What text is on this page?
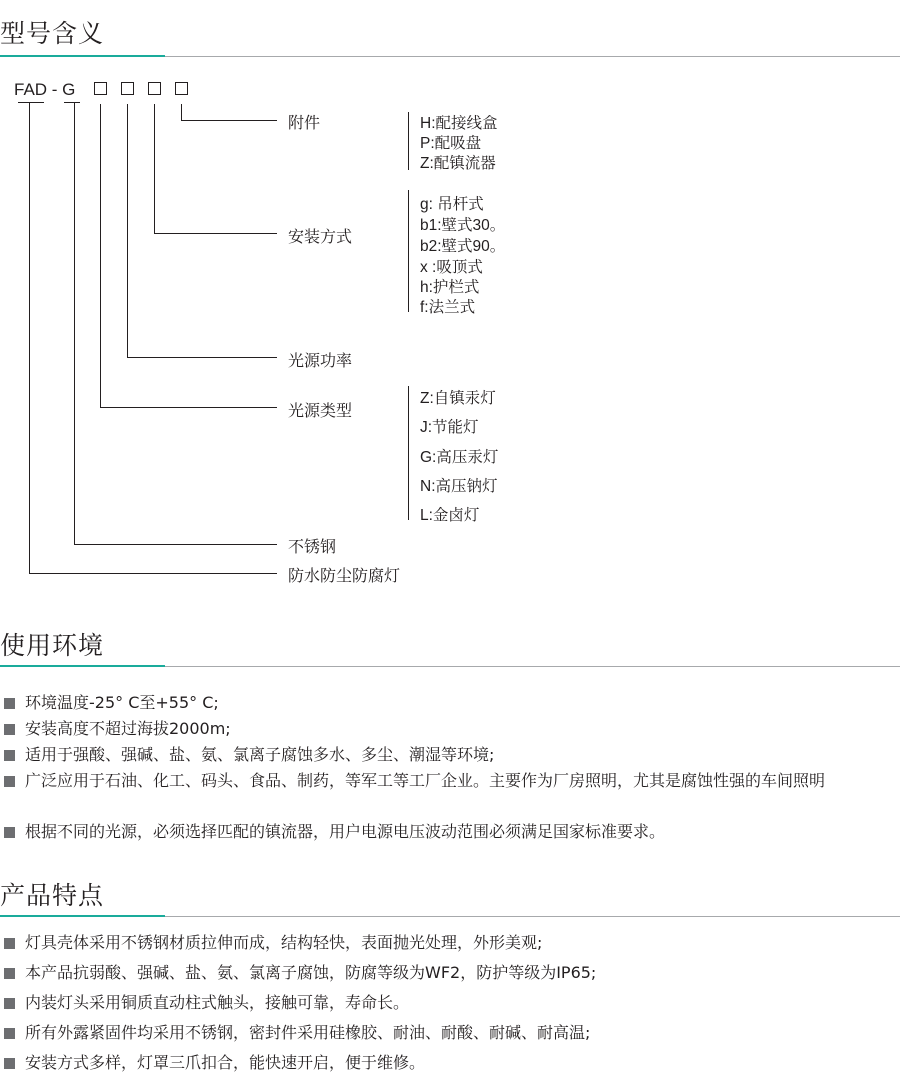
型号含义
FAD - G
附件
安装方式
光源功率
光源类型
不锈钢
防水防尘防腐灯
H:配接线盒
P:配吸盘
Z:配镇流器
g: 吊杆式
b1:壁式30。
b2:壁式90。
x :吸顶式
h:护栏式
f:法兰式
Z:自镇汞灯
J:节能灯
G:高压汞灯
N:高压钠灯
L:金卤灯
使用环境
环境温度-25° C至+55° C;
安装高度不超过海拔2000m;
适用于强酸、强碱、盐、氨、氯离子腐蚀多水、多尘、潮湿等环境;
广泛应用于石油、化工、码头、食品、制药，等军工等工厂企业。主要作为厂房照明，尤其是腐蚀性强的车间照明
根据不同的光源，必须选择匹配的镇流器，用户电源电压波动范围必须满足国家标准要求。
产品特点
灯具壳体采用不锈钢材质拉伸而成，结构轻快，表面抛光处理，外形美观;
本产品抗弱酸、强碱、盐、氨、氯离子腐蚀，防腐等级为WF2，防护等级为IP65;
内装灯头采用铜质直动柱式触头，接触可靠，寿命长。
所有外露紧固件均采用不锈钢，密封件采用硅橡胶、耐油、耐酸、耐碱、耐高温;
安装方式多样，灯罩三爪扣合，能快速开启，便于维修。
